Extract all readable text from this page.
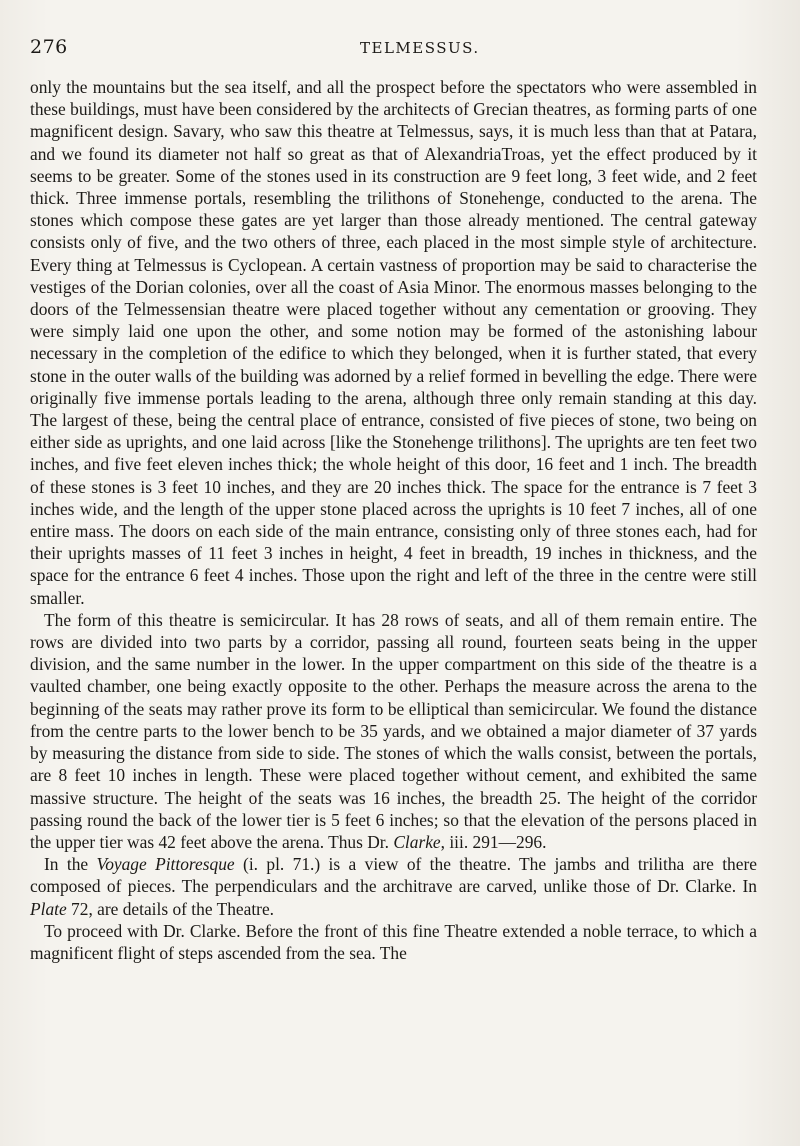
276	TELMESSUS.

only the mountains but the sea itself, and all the prospect before the spectators who were assembled in these buildings, must have been considered by the architects of Grecian theatres, as forming parts of one magnificent design. Savary, who saw this theatre at Telmessus, says, it is much less than that at Patara, and we found its diameter not half so great as that of AlexandriaTroas, yet the effect produced by it seems to be greater. Some of the stones used in its construction are 9 feet long, 3 feet wide, and 2 feet thick. Three immense portals, resembling the trilithons of Stonehenge, conducted to the arena. The stones which compose these gates are yet larger than those already mentioned. The central gateway consists only of five, and the two others of three, each placed in the most simple style of architecture. Every thing at Telmessus is Cyclopean. A certain vastness of proportion may be said to characterise the vestiges of the Dorian colonies, over all the coast of Asia Minor. The enormous masses belonging to the doors of the Telmessensian theatre were placed together without any cementation or grooving. They were simply laid one upon the other, and some notion may be formed of the astonishing labour necessary in the completion of the edifice to which they belonged, when it is further stated, that every stone in the outer walls of the building was adorned by a relief formed in bevelling the edge. There were originally five immense portals leading to the arena, although three only remain standing at this day. The largest of these, being the central place of entrance, consisted of five pieces of stone, two being on either side as uprights, and one laid across [like the Stonehenge trilithons]. The uprights are ten feet two inches, and five feet eleven inches thick; the whole height of this door, 16 feet and 1 inch. The breadth of these stones is 3 feet 10 inches, and they are 20 inches thick. The space for the entrance is 7 feet 3 inches wide, and the length of the upper stone placed across the uprights is 10 feet 7 inches, all of one entire mass. The doors on each side of the main entrance, consisting only of three stones each, had for their uprights masses of 11 feet 3 inches in height, 4 feet in breadth, 19 inches in thickness, and the space for the entrance 6 feet 4 inches. Those upon the right and left of the three in the centre were still smaller.

The form of this theatre is semicircular. It has 28 rows of seats, and all of them remain entire. The rows are divided into two parts by a corridor, passing all round, fourteen seats being in the upper division, and the same number in the lower. In the upper compartment on this side of the theatre is a vaulted chamber, one being exactly opposite to the other. Perhaps the measure across the arena to the beginning of the seats may rather prove its form to be elliptical than semicircular. We found the distance from the centre parts to the lower bench to be 35 yards, and we obtained a major diameter of 37 yards by measuring the distance from side to side. The stones of which the walls consist, between the portals, are 8 feet 10 inches in length. These were placed together without cement, and exhibited the same massive structure. The height of the seats was 16 inches, the breadth 25. The height of the corridor passing round the back of the lower tier is 5 feet 6 inches; so that the elevation of the persons placed in the upper tier was 42 feet above the arena. Thus Dr. Clarke, iii. 291—296.

In the Voyage Pittoresque (i. pl. 71.) is a view of the theatre. The jambs and trilitha are there composed of pieces. The perpendiculars and the architrave are carved, unlike those of Dr. Clarke. In Plate 72, are details of the Theatre.

To proceed with Dr. Clarke. Before the front of this fine Theatre extended a noble terrace, to which a magnificent flight of steps ascended from the sea. The
